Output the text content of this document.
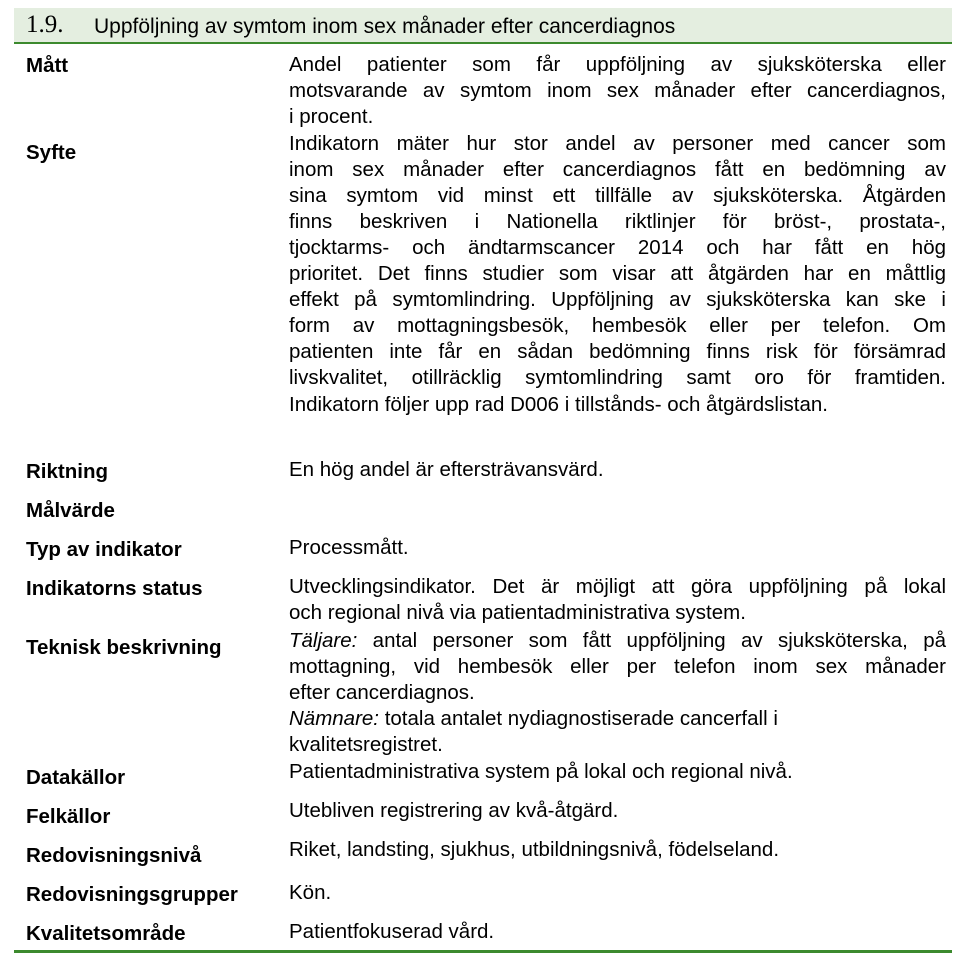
1.9. Uppföljning av symtom inom sex månader efter cancerdiagnos
Mått	Andel patienter som får uppföljning av sjuksköterska eller
motsvarande av symtom inom sex månader efter cancerdiagnos,
i procent.
Syfte	Indikatorn mäter hur stor andel av personer med cancer som
inom sex månader efter cancerdiagnos fått en bedömning av
sina symtom vid minst ett tillfälle av sjuksköterska. Åtgärden
finns beskriven i Nationella riktlinjer för bröst-, prostata-,
tjocktarms- och ändtarmscancer 2014 och har fått en hög
prioritet. Det finns studier som visar att åtgärden har en måttlig
effekt på symtomlindring. Uppföljning av sjuksköterska kan ske i
form av mottagningsbesök, hembesök eller per telefon. Om
patienten inte får en sådan bedömning finns risk för försämrad
livskvalitet, otillräcklig symtomlindring samt oro för framtiden.
Indikatorn följer upp rad D006 i tillstånds- och åtgärdslistan.
Riktning	En hög andel är eftersträvansvärd.
Målvärde
Typ av indikator	Processmått.
Indikatorns status	Utvecklingsindikator. Det är möjligt att göra uppföljning på lokal
och regional nivå via patientadministrativa system.
Teknisk beskrivning	Täljare: antal personer som fått uppföljning av sjuksköterska, på
mottagning, vid hembesök eller per telefon inom sex månader
efter cancerdiagnos.
Nämnare: totala antalet nydiagnostiserade cancerfall i
kvalitetsregistret.
Datakällor	Patientadministrativa system på lokal och regional nivå.
Felkällor	Utebliven registrering av kvå-åtgärd.
Redovisningsnivå	Riket, landsting, sjukhus, utbildningsnivå, födelseland.
Redovisningsgrupper Kön.
Kvalitetsområde	Patientfokuserad vård.
